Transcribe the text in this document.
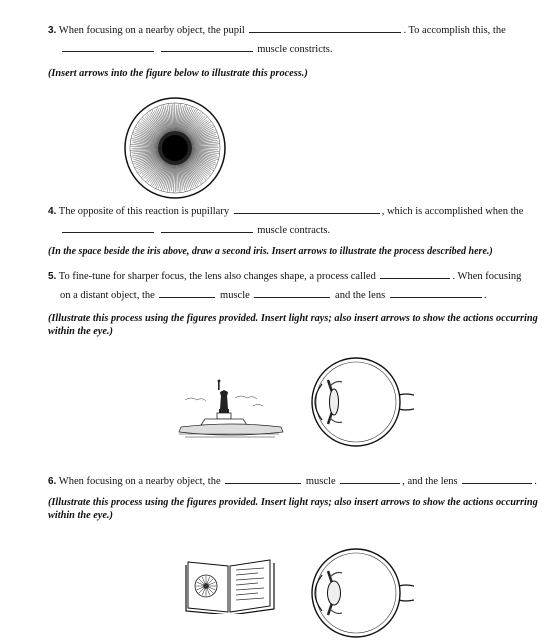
3. When focusing on a nearby object, the pupil	. To accomplish this, the
muscle constricts.
(Insert arrows into the figure below to illustrate this process.)
4. The opposite of this reaction is pupillary	, which is accomplished when the
muscle contracts.
(In the space beside the iris above, draw a second iris. Insert arrows to illustrate the process described here.)
5. To fine-tune for sharper focus, the lens also changes shape, a process called	. When focusing
on a distant object, the	muscle	and the lens	.
(Illustrate this process using the figures provided. Insert light rays; also insert arrows to show the actions occurring within the eye.)
6. When focusing on a nearby object, the	muscle	, and the lens	.
(Illustrate this process using the figures provided. Insert light rays; also insert arrows to show the actions occurring within the eye.)
